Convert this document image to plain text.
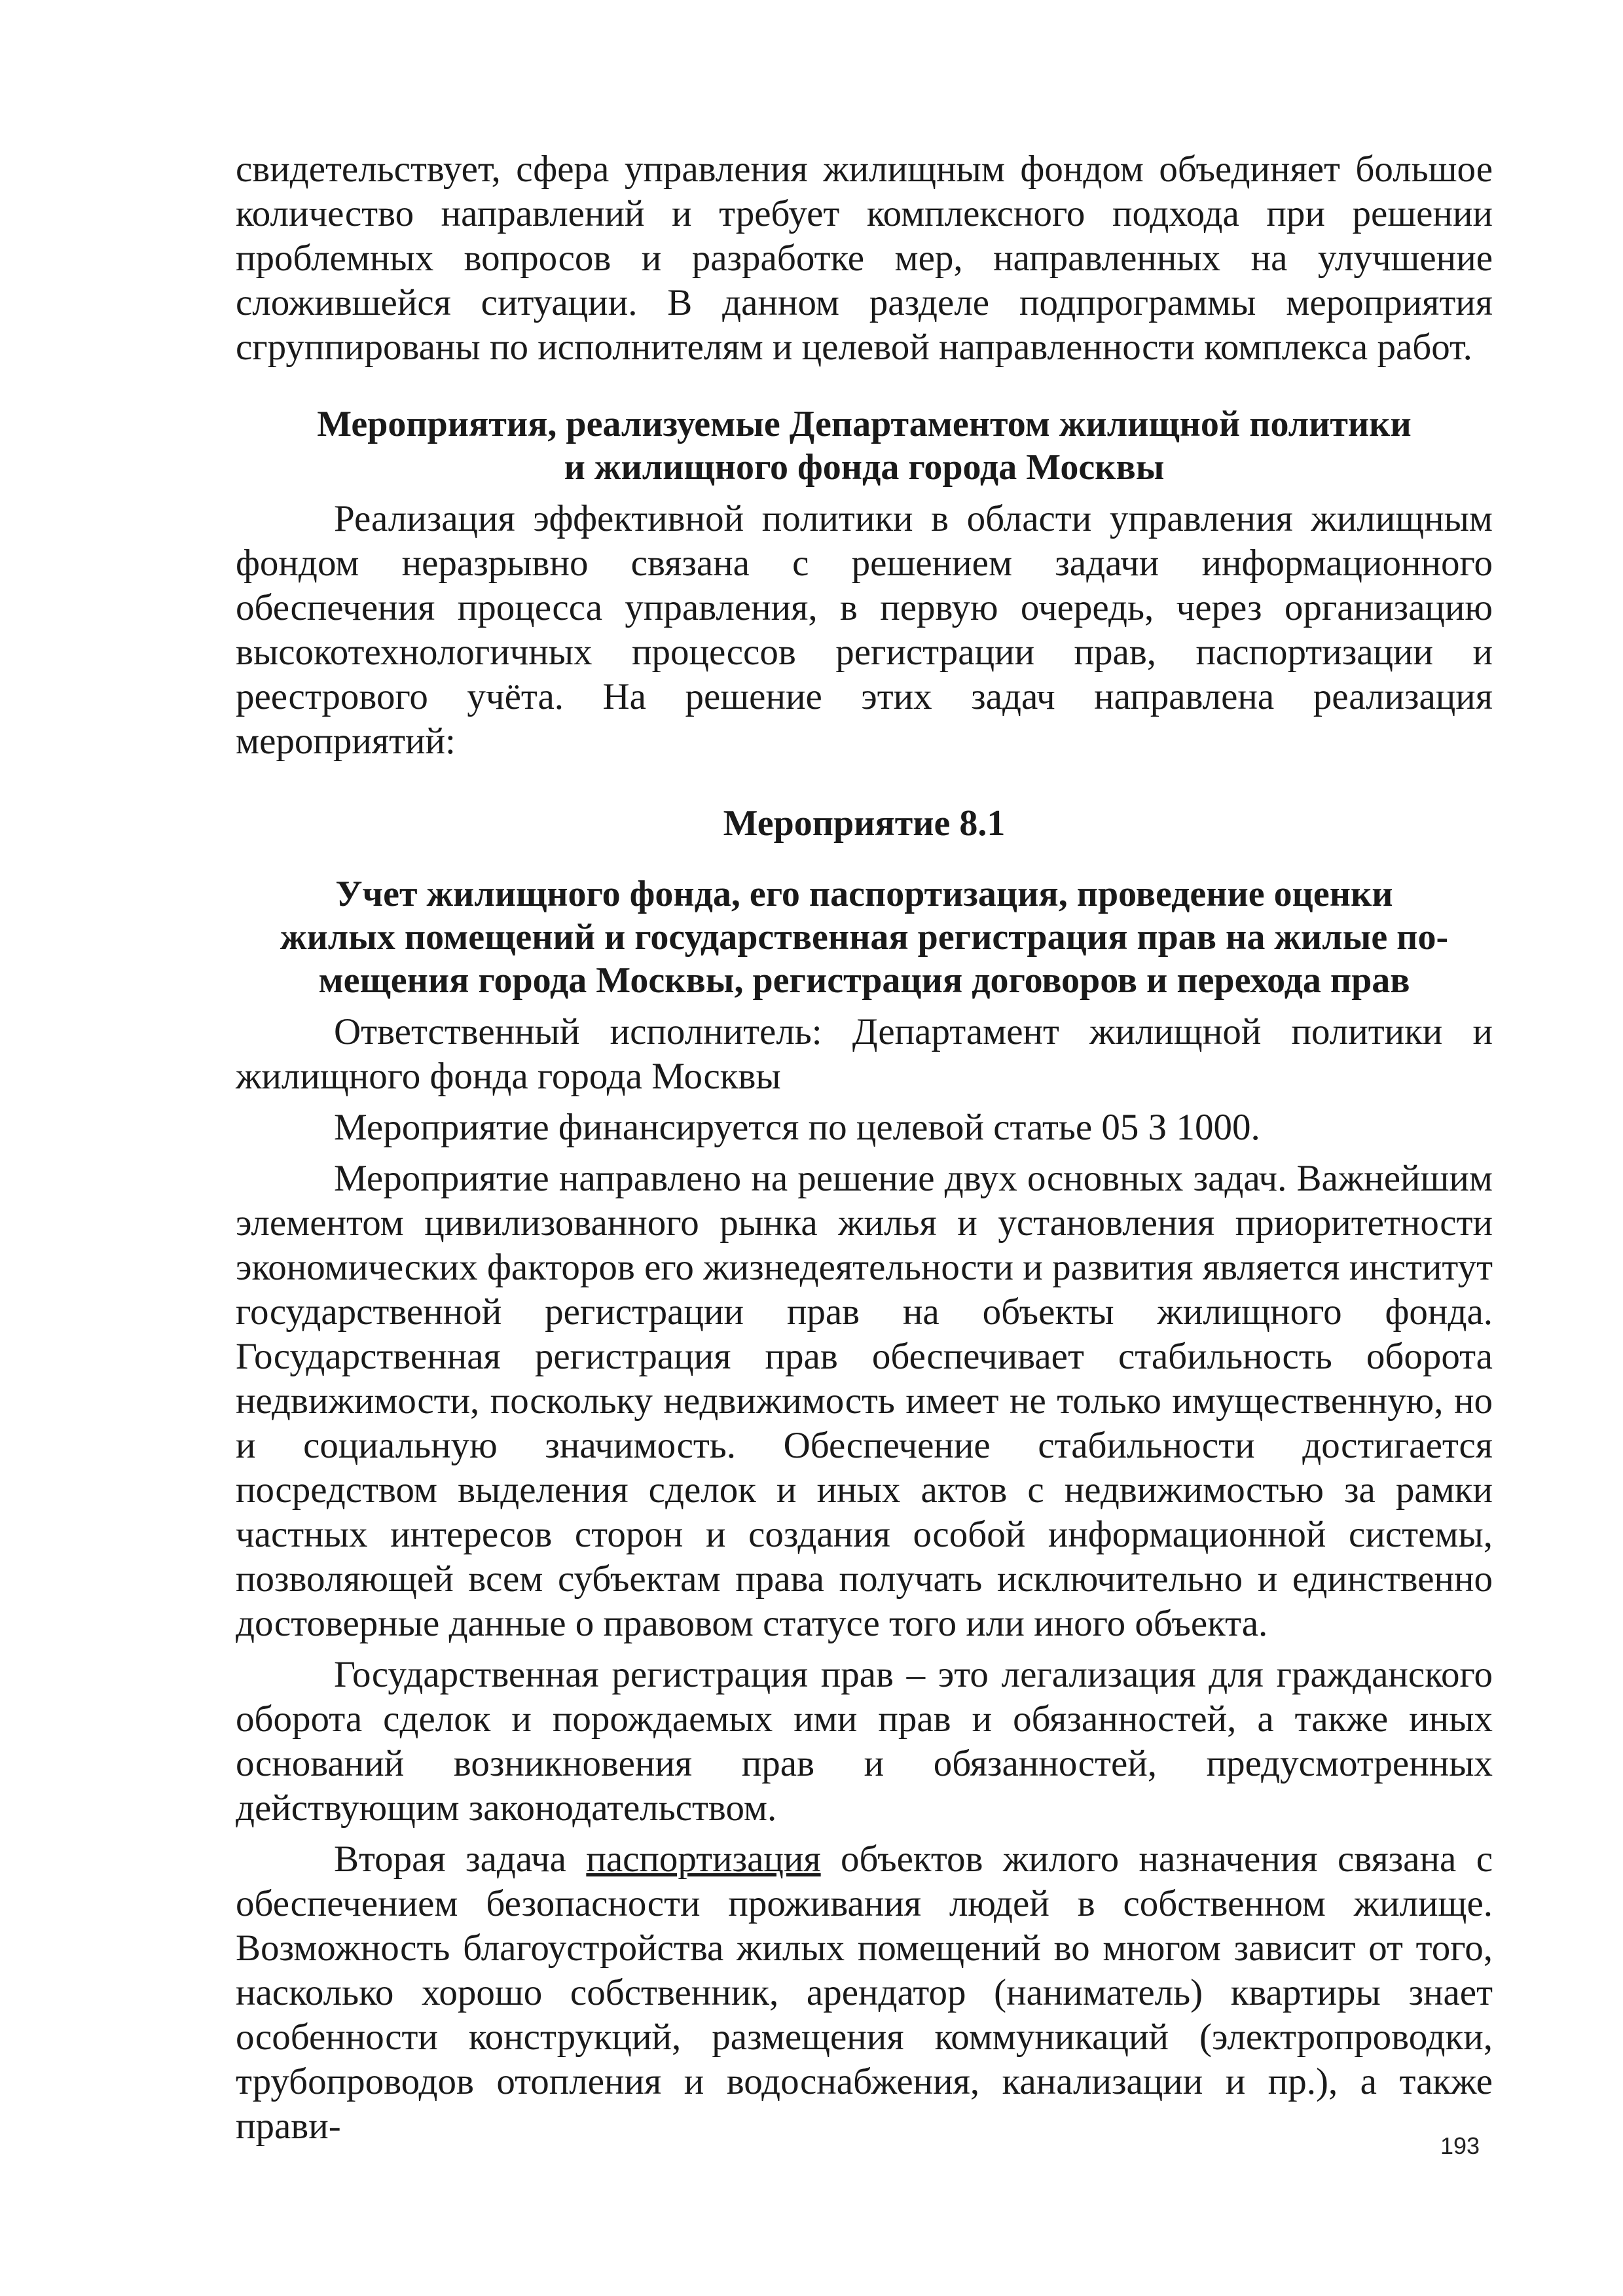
свидетельствует, сфера управления жилищным фондом объединяет большое количество направлений и требует комплексного подхода при решении проблемных вопросов и разработке мер, направленных на улучшение сложившейся ситуации. В данном разделе подпрограммы мероприятия сгруппированы по исполнителям и целевой направленности комплекса работ.

Мероприятия, реализуемые Департаментом жилищной политики
и жилищного фонда города Москвы

Реализация эффективной политики в области управления жилищным фондом неразрывно связана с решением задачи информационного обеспечения процесса управления, в первую очередь, через организацию высокотехнологичных процессов регистрации прав, паспортизации и реестрового учёта. На решение этих задач направлена реализация мероприятий:

Мероприятие 8.1
Учет жилищного фонда, его паспортизация, проведение оценки
жилых помещений и государственная регистрация прав на жилые по-
мещения города Москвы, регистрация договоров и перехода прав

Ответственный исполнитель: Департамент жилищной политики и жилищного фонда города Москвы

Мероприятие финансируется по целевой статье 05 З 1000.

Мероприятие направлено на решение двух основных задач. Важнейшим элементом цивилизованного рынка жилья и установления приоритетности экономических факторов его жизнедеятельности и развития является институт государственной регистрации прав на объекты жилищного фонда. Государственная регистрация прав обеспечивает стабильность оборота недвижимости, поскольку недвижимость имеет не только имущественную, но и социальную значимость. Обеспечение стабильности достигается посредством выделения сделок и иных актов с недвижимостью за рамки частных интересов сторон и создания особой информационной системы, позволяющей всем субъектам права получать исключительно и единственно достоверные данные о правовом статусе того или иного объекта.

Государственная регистрация прав – это легализация для гражданского оборота сделок и порождаемых ими прав и обязанностей, а также иных оснований возникновения прав и обязанностей, предусмотренных действующим законодательством.

Вторая задача паспортизация объектов жилого назначения связана с обеспечением безопасности проживания людей в собственном жилище. Возможность благоустройства жилых помещений во многом зависит от того, насколько хорошо собственник, арендатор (наниматель) квартиры знает особенности конструкций, размещения коммуникаций (электропроводки, трубопроводов отопления и водоснабжения, канализации и пр.), а также прави-	193
